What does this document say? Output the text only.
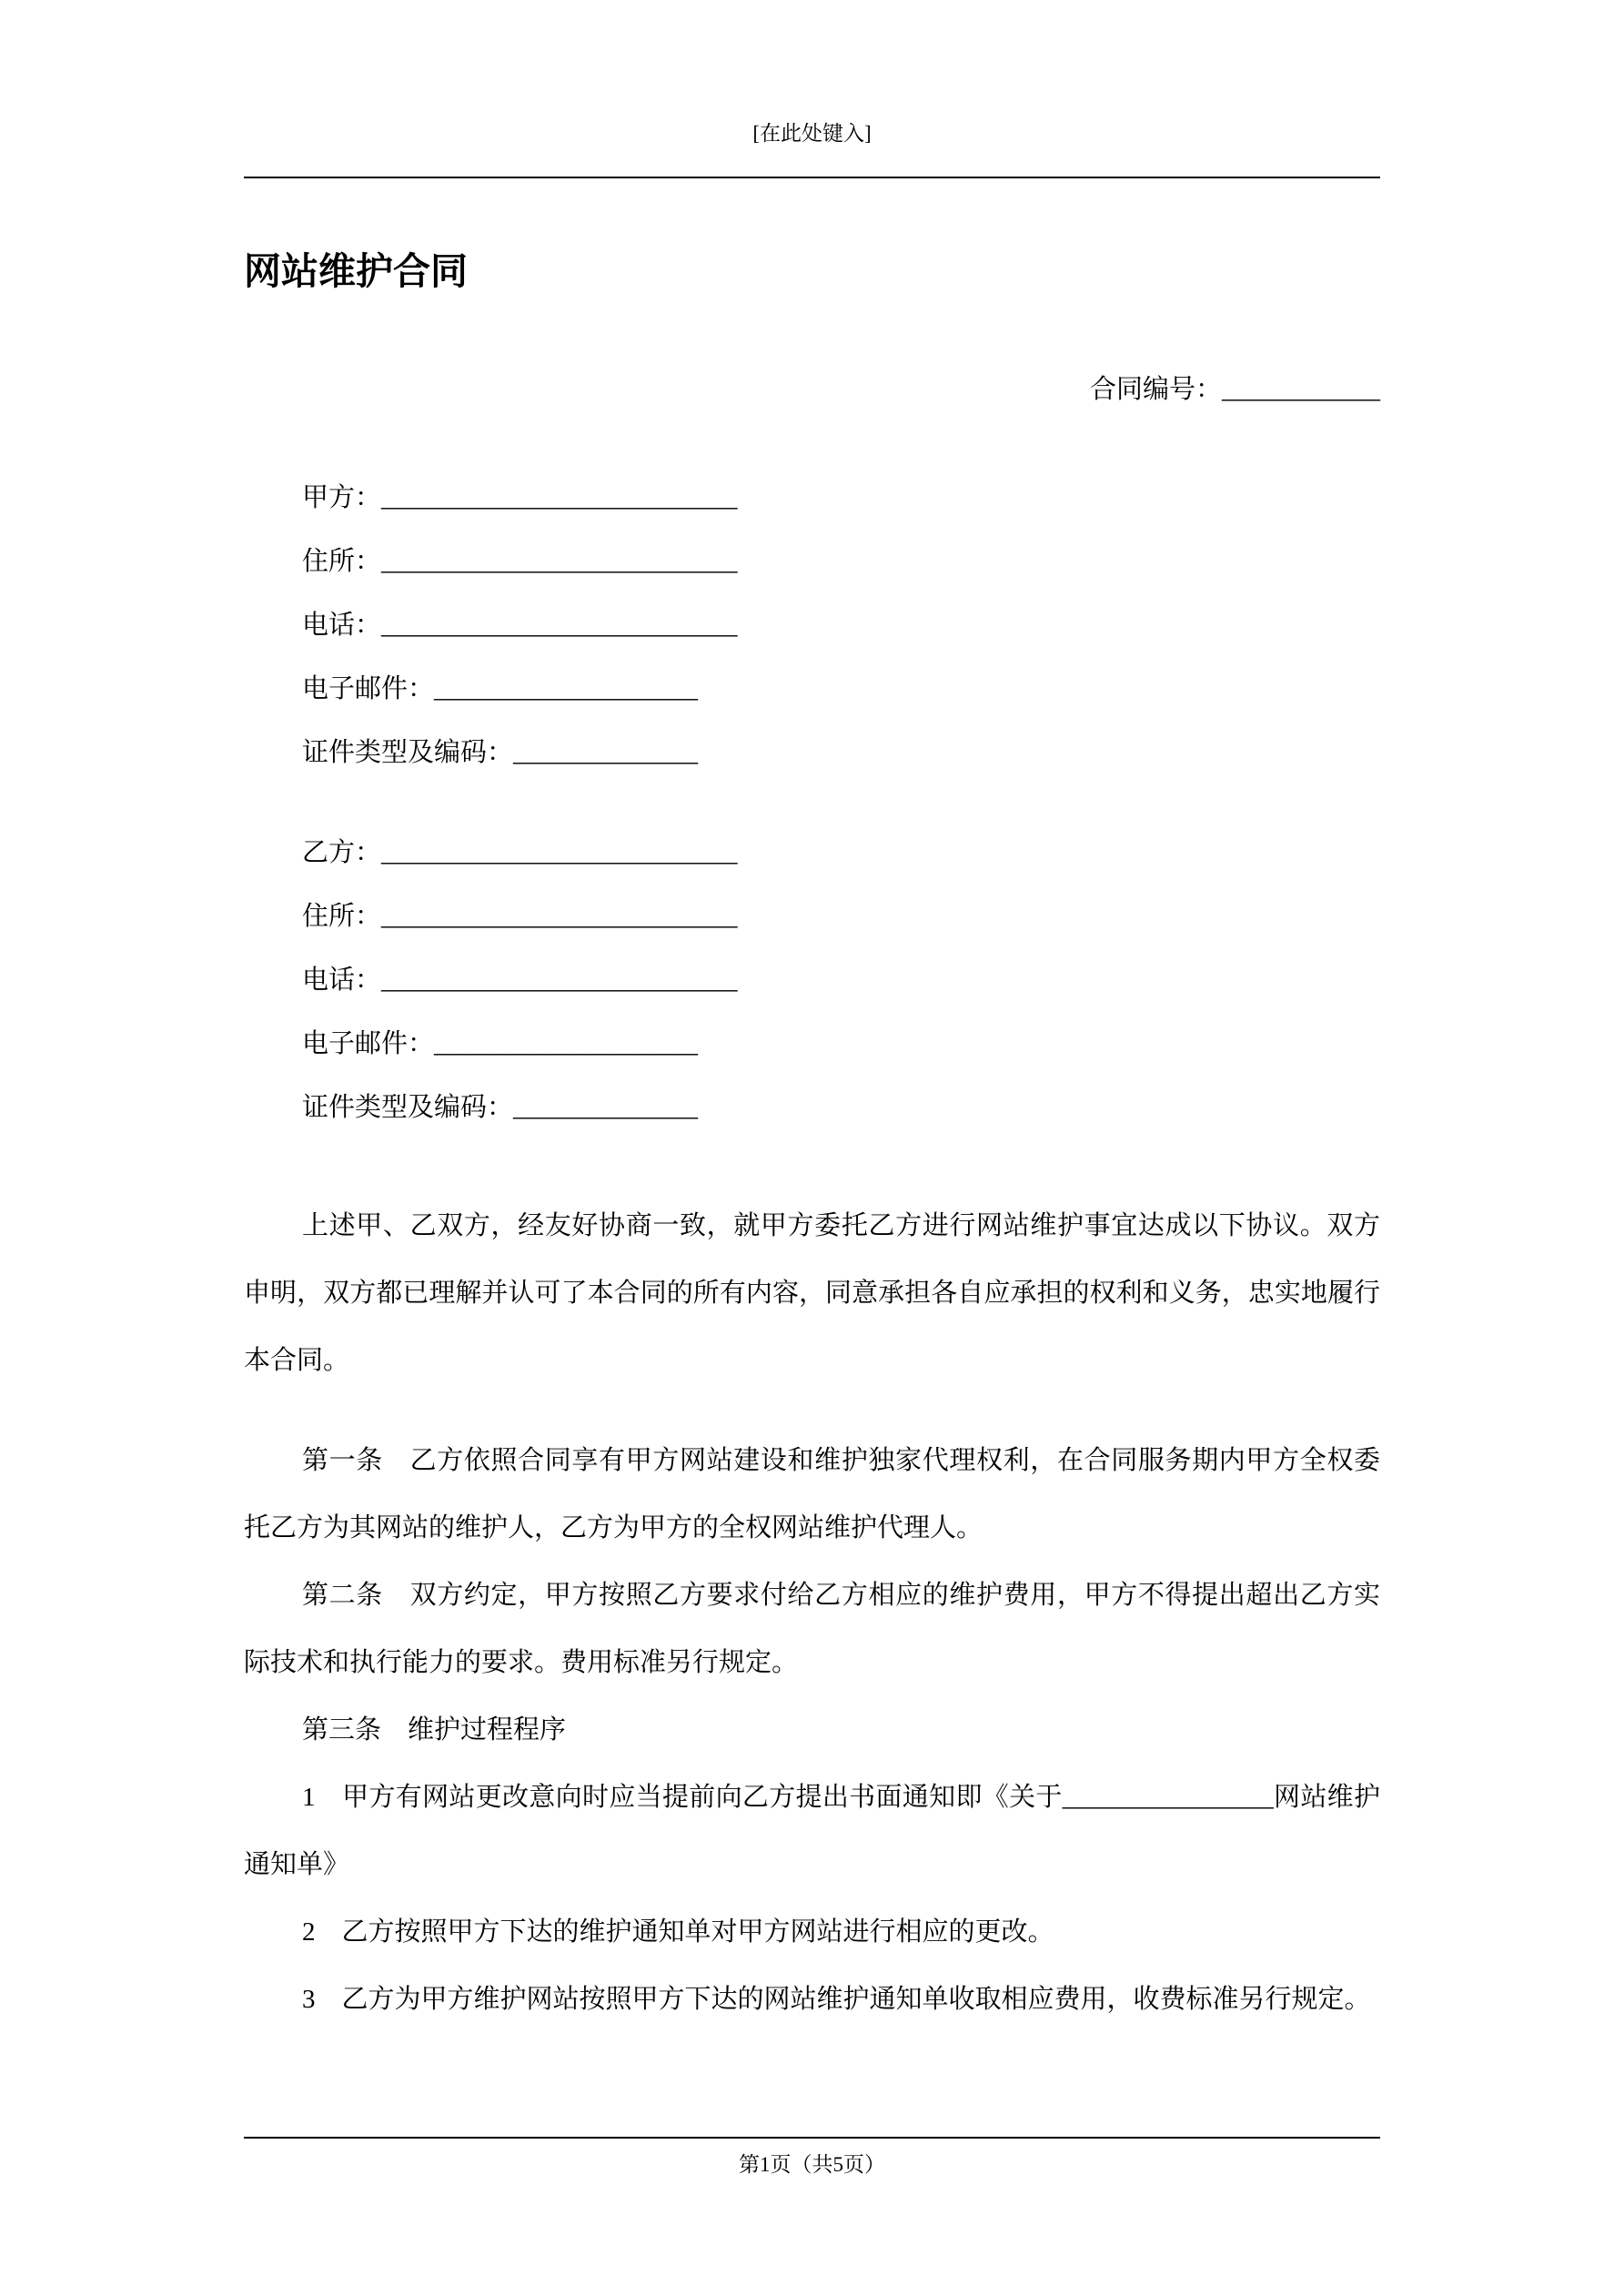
[在此处键入]
网站维护合同
合同编号：____________
甲方：___________________________
住所：___________________________
电话：___________________________
电子邮件：____________________
证件类型及编码：______________
乙方：___________________________
住所：___________________________
电话：___________________________
电子邮件：____________________
证件类型及编码：______________

上述甲、乙双方，经友好协商一致，就甲方委托乙方进行网站维护事宜达成以下协议。双方申明，双方都已理解并认可了本合同的所有内容，同意承担各自应承担的权利和义务，忠实地履行本合同。

第一条　乙方依照合同享有甲方网站建设和维护独家代理权利，在合同服务期内甲方全权委托乙方为其网站的维护人，乙方为甲方的全权网站维护代理人。

第二条　双方约定，甲方按照乙方要求付给乙方相应的维护费用，甲方不得提出超出乙方实际技术和执行能力的要求。费用标准另行规定。

第三条　维护过程程序

1　甲方有网站更改意向时应当提前向乙方提出书面通知即《关于________________网站维护通知单》

2　乙方按照甲方下达的维护通知单对甲方网站进行相应的更改。

3　乙方为甲方维护网站按照甲方下达的网站维护通知单收取相应费用，收费标准另行规定。

第1页（共5页）
